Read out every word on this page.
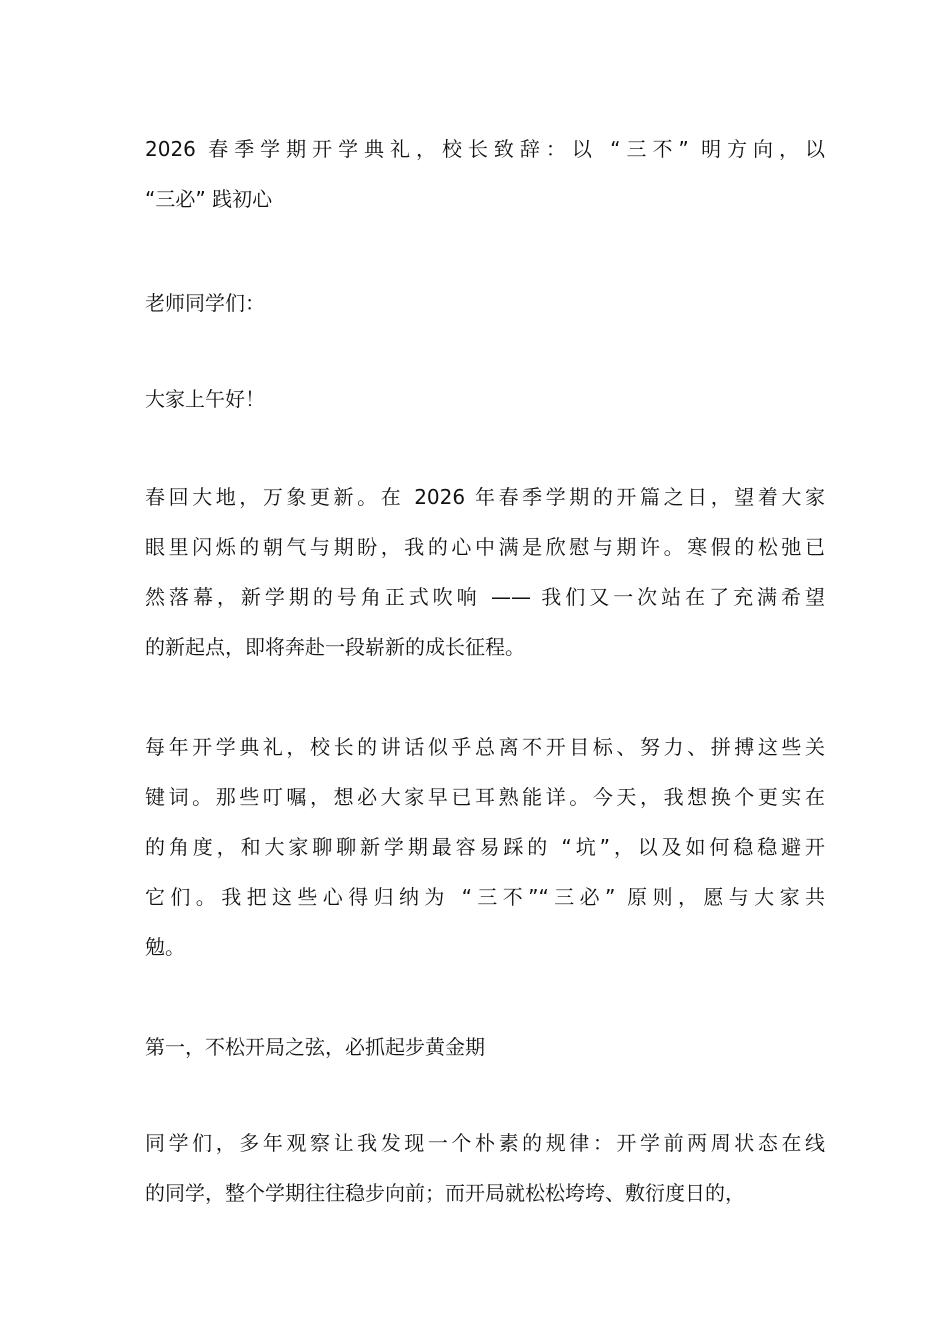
2026 春季学期开学典礼，校长致辞：以 “三不” 明方向，以
“三必” 践初心
老师同学们：
大家上午好！
春回大地，万象更新。在 2026 年春季学期的开篇之日，望着大家
眼里闪烁的朝气与期盼，我的心中满是欣慰与期许。寒假的松弛已
然落幕，新学期的号角正式吹响 —— 我们又一次站在了充满希望
的新起点，即将奔赴一段崭新的成长征程。
每年开学典礼，校长的讲话似乎总离不开目标、努力、拼搏这些关
键词。那些叮嘱，想必大家早已耳熟能详。今天，我想换个更实在
的角度，和大家聊聊新学期最容易踩的 “坑”，以及如何稳稳避开
它们。我把这些心得归纳为 “三不”“三必” 原则，愿与大家共
勉。
第一，不松开局之弦，必抓起步黄金期
同学们，多年观察让我发现一个朴素的规律：开学前两周状态在线
的同学，整个学期往往稳步向前；而开局就松松垮垮、敷衍度日的，
